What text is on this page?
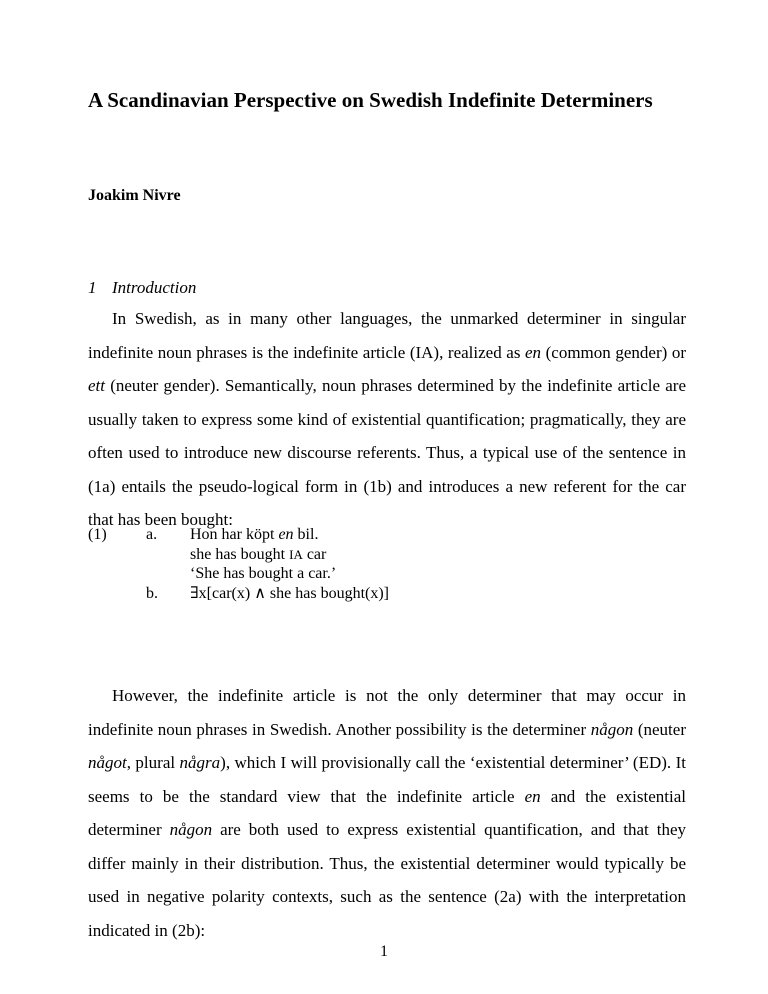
A Scandinavian Perspective on Swedish Indefinite Determiners

Joakim Nivre

1 Introduction

In Swedish, as in many other languages, the unmarked determiner in singular indefinite noun phrases is the indefinite article (IA), realized as en (common gender) or ett (neuter gender). Semantically, noun phrases determined by the indefinite article are usually taken to express some kind of existential quantification; pragmatically, they are often used to introduce new discourse referents. Thus, a typical use of the sentence in (1a) entails the pseudo-logical form in (1b) and introduces a new referent for the car that has been bought:

(1) a.	Hon har köpt en bil.
she has bought IA car
‘She has bought a car.’
b.	∃x[car(x) ∧ she has bought(x)]

However, the indefinite article is not the only determiner that may occur in indefinite noun phrases in Swedish. Another possibility is the determiner någon (neuter något, plural några), which I will provisionally call the ‘existential determiner’ (ED). It seems to be the standard view that the indefinite article en and the existential determiner någon are both used to express existential quantification, and that they differ mainly in their distribution. Thus, the existential determiner would typically be used in negative polarity contexts, such as the sentence (2a) with the interpretation indicated in (2b):

1
